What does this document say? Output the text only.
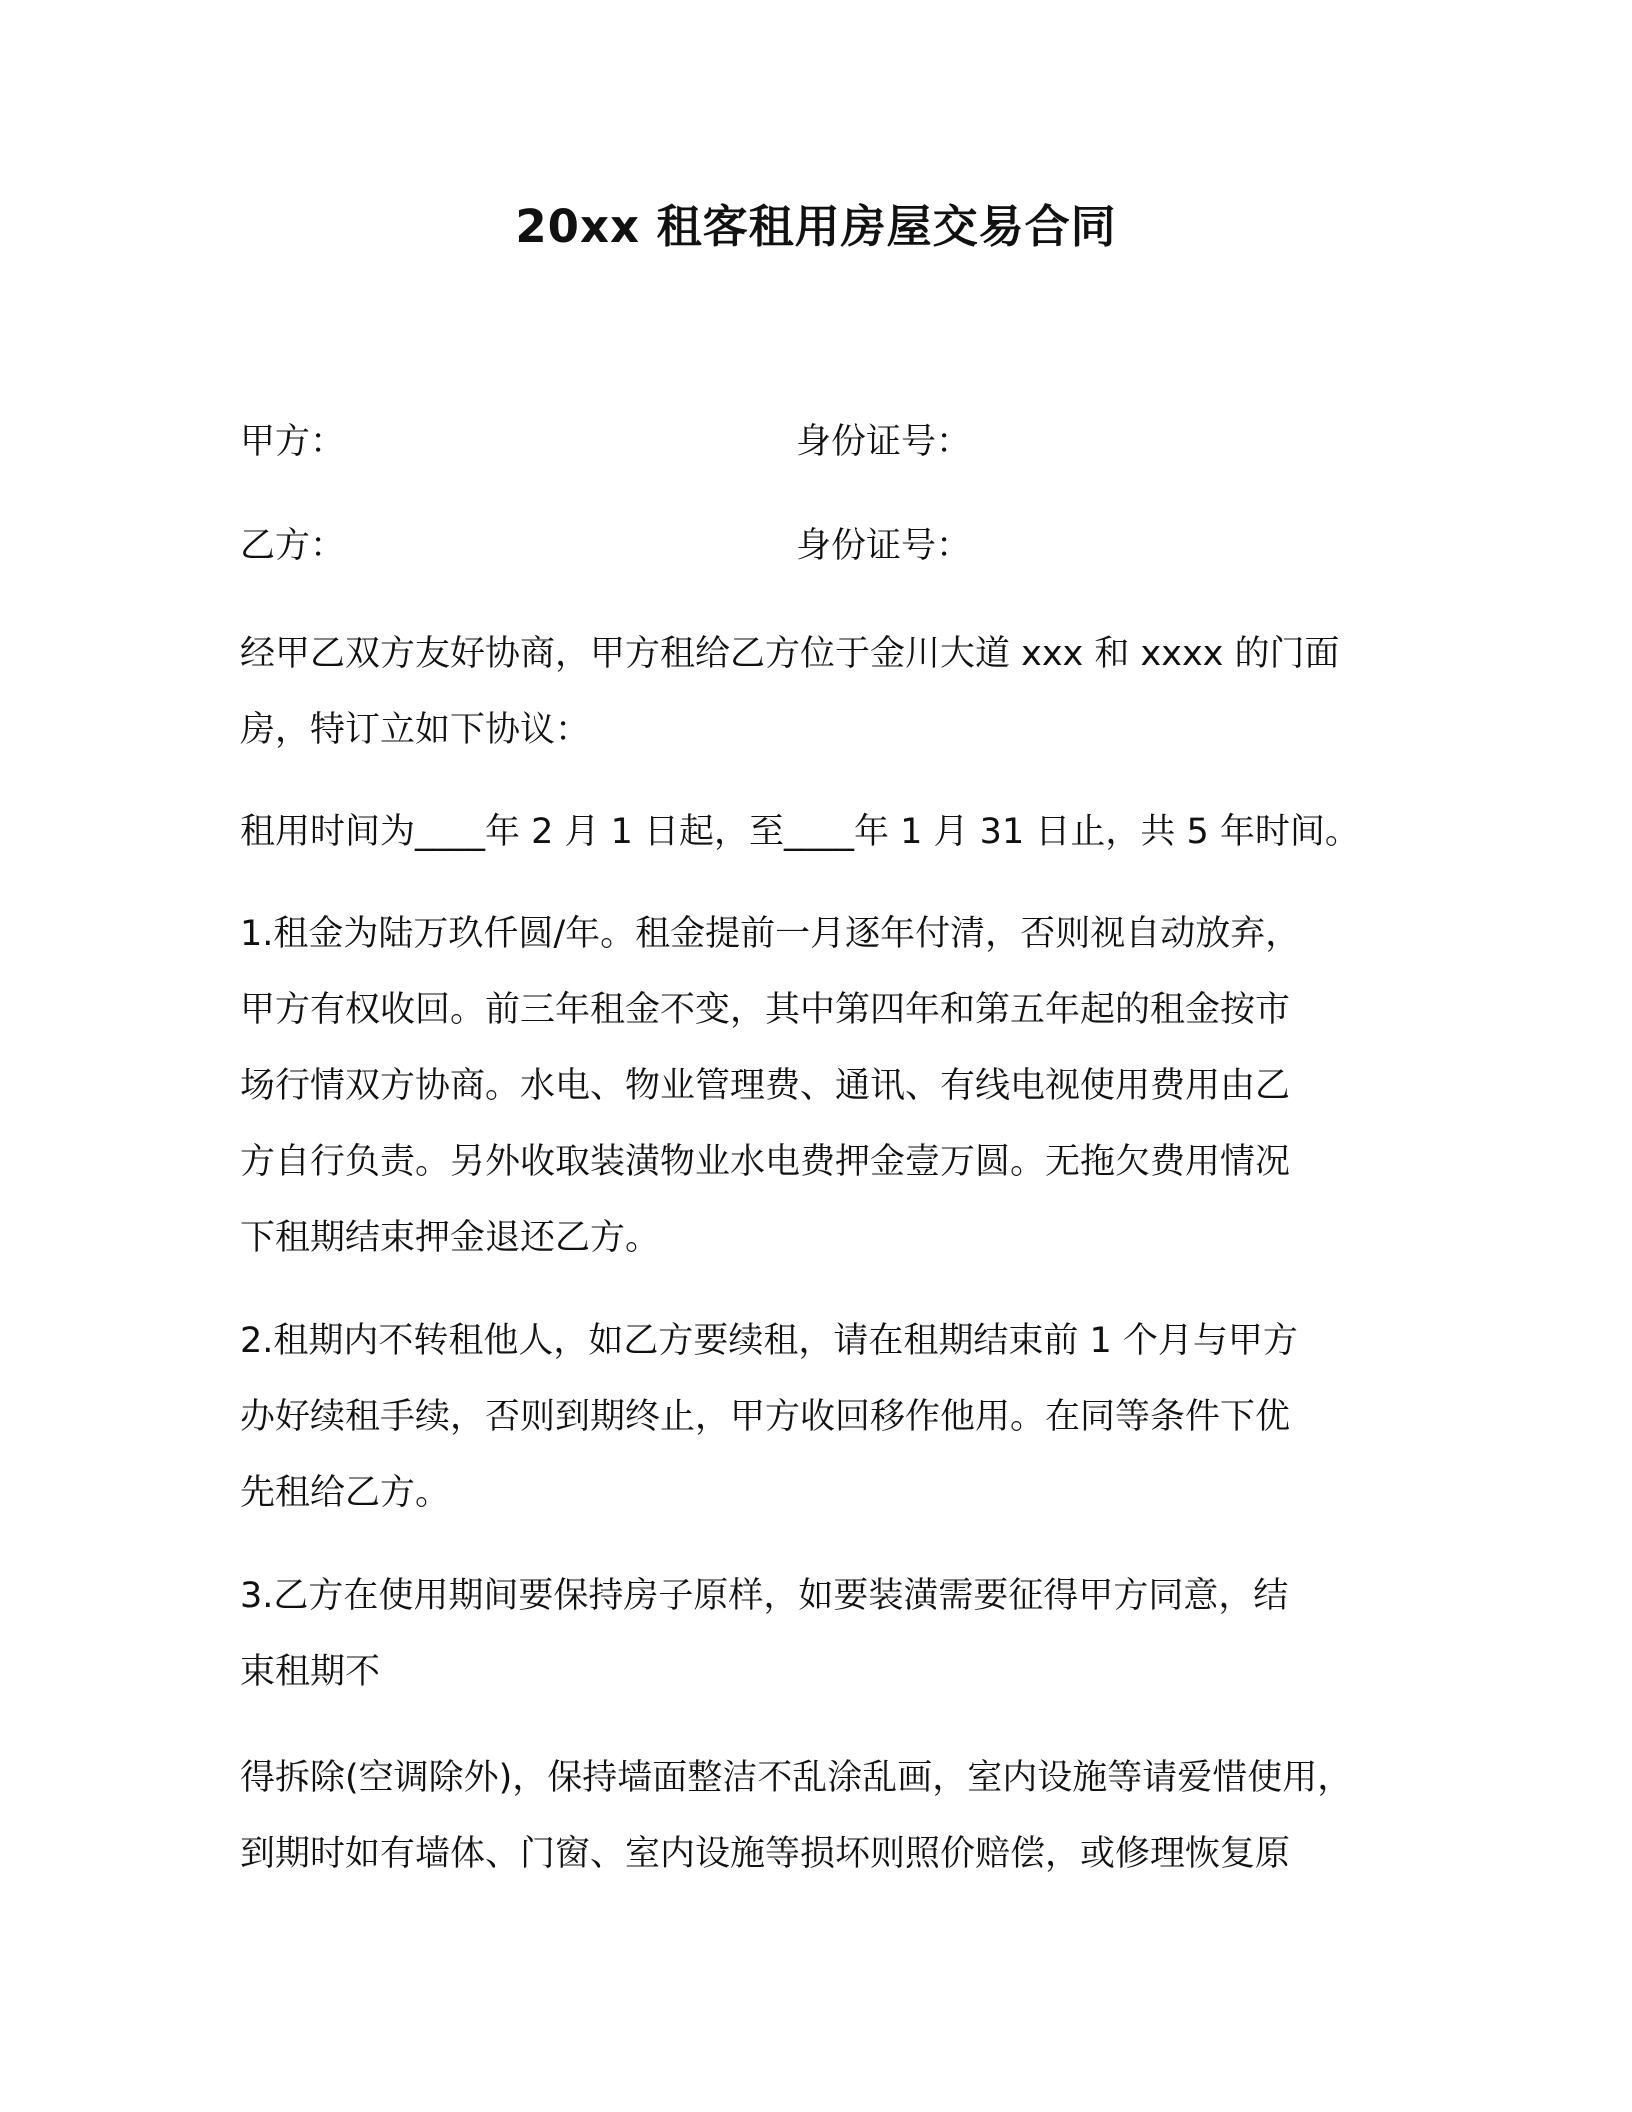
20xx 租客租用房屋交易合同
甲方：	身份证号：
乙方：	身份证号：
经甲乙双方友好协商，甲方租给乙方位于金川大道 xxx 和 xxxx 的门面
房，特订立如下协议：
租用时间为____年 2 月 1 日起，至____年 1 月 31 日止，共 5 年时间。
1.租金为陆万玖仟圆/年。租金提前一月逐年付清，否则视自动放弃，
甲方有权收回。前三年租金不变，其中第四年和第五年起的租金按市
场行情双方协商。水电、物业管理费、通讯、有线电视使用费用由乙
方自行负责。另外收取装潢物业水电费押金壹万圆。无拖欠费用情况
下租期结束押金退还乙方。
2.租期内不转租他人，如乙方要续租，请在租期结束前 1 个月与甲方
办好续租手续，否则到期终止，甲方收回移作他用。在同等条件下优
先租给乙方。
3.乙方在使用期间要保持房子原样，如要装潢需要征得甲方同意，结
束租期不
得拆除(空调除外)，保持墙面整洁不乱涂乱画，室内设施等请爱惜使用，
到期时如有墙体、门窗、室内设施等损坏则照价赔偿，或修理恢复原
